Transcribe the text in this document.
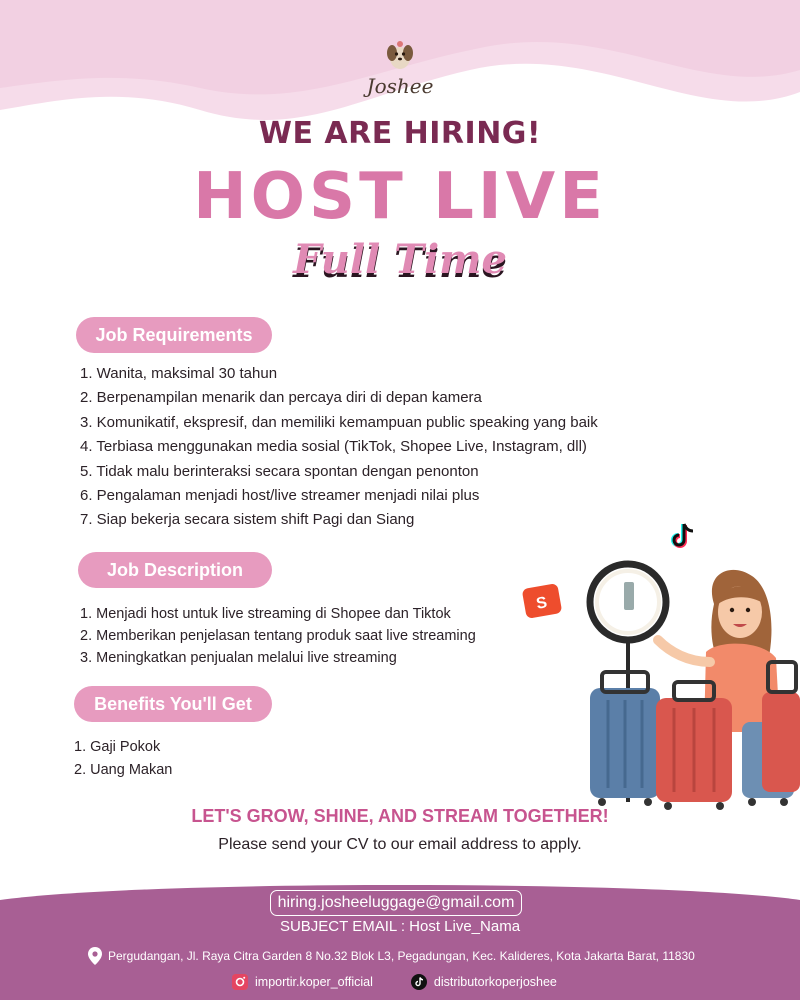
Joshee
WE ARE HIRING!
HOST LIVE
Full Time
Job Requirements
1. Wanita, maksimal 30 tahun
2. Berpenampilan menarik dan percaya diri di depan kamera
3. Komunikatif, ekspresif, dan memiliki kemampuan public speaking yang baik
4. Terbiasa menggunakan media sosial (TikTok, Shopee Live, Instagram, dll)
5. Tidak malu berinteraksi secara spontan dengan penonton
6. Pengalaman menjadi host/live streamer menjadi nilai plus
7. Siap bekerja secara sistem shift Pagi dan Siang
Job Description
1. Menjadi host untuk live streaming di Shopee dan Tiktok
2. Memberikan penjelasan tentang produk saat live streaming
3. Meningkatkan penjualan melalui live streaming
Benefits You'll Get
1. Gaji Pokok
2. Uang Makan
S
LET'S GROW, SHINE, AND STREAM TOGETHER!
Please send your CV to our email address to apply.
hiring.josheeluggage@gmail.com
SUBJECT EMAIL : Host Live_Nama
Pergudangan, Jl. Raya Citra Garden 8 No.32 Blok L3, Pegadungan, Kec. Kalideres, Kota Jakarta Barat, 11830
importir.koper_official	distributorkoperjoshee
